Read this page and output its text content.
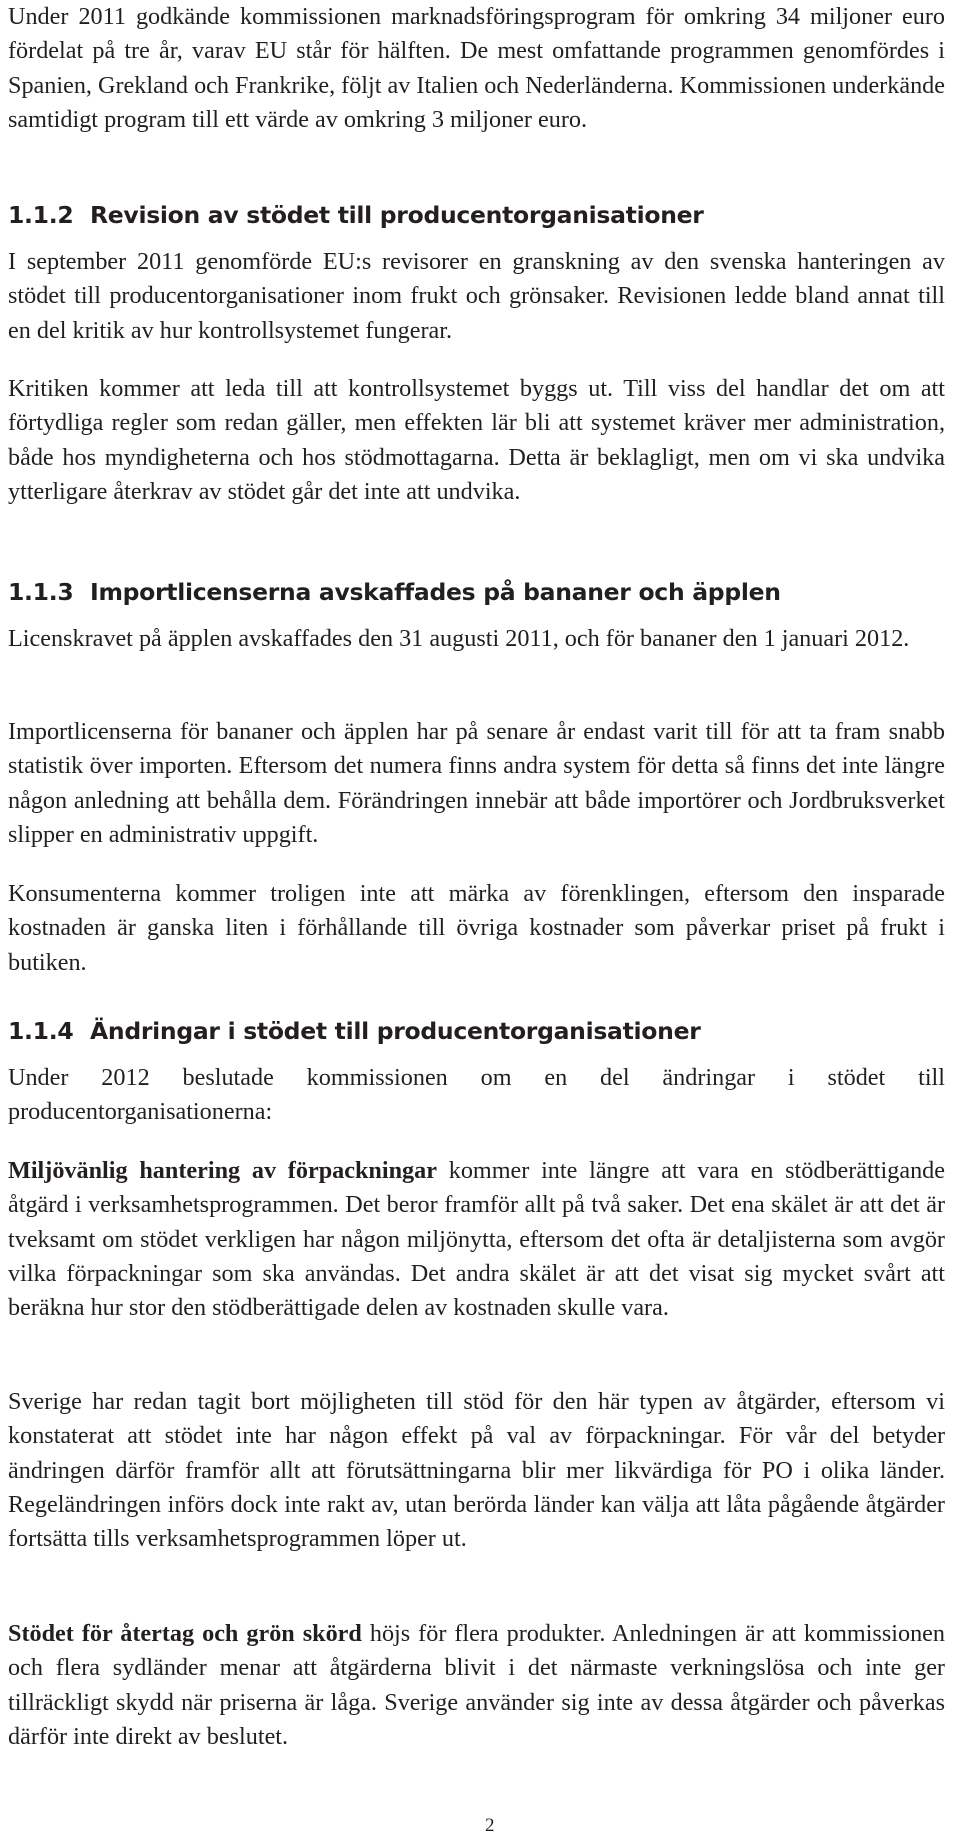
Under 2011 godkände kommissionen marknadsföringsprogram för omkring 34 miljoner euro fördelat på tre år, varav EU står för hälften. De mest omfattande programmen genomfördes i Spanien, Grekland och Frankrike, följt av Italien och Nederländerna. Kommissionen underkände samtidigt program till ett värde av omkring 3 miljoner euro.

1.1.2 Revision av stödet till producentorganisationer

I september 2011 genomförde EU:s revisorer en granskning av den svenska hanteringen av stödet till producentorganisationer inom frukt och grönsaker. Revisionen ledde bland annat till en del kritik av hur kontrollsystemet fungerar.

Kritiken kommer att leda till att kontrollsystemet byggs ut. Till viss del handlar det om att förtydliga regler som redan gäller, men effekten lär bli att systemet kräver mer administration, både hos myndigheterna och hos stödmottagarna. Detta är beklagligt, men om vi ska undvika ytterligare återkrav av stödet går det inte att undvika.

1.1.3 Importlicenserna avskaffades på bananer och äpplen

Licenskravet på äpplen avskaffades den 31 augusti 2011, och för bananer den 1 januari 2012.

Importlicenserna för bananer och äpplen har på senare år endast varit till för att ta fram snabb statistik över importen. Eftersom det numera finns andra system för detta så finns det inte längre någon anledning att behålla dem. Förändringen innebär att både importörer och Jordbruksverket slipper en administrativ uppgift.

Konsumenterna kommer troligen inte att märka av förenklingen, eftersom den insparade kostnaden är ganska liten i förhållande till övriga kostnader som påverkar priset på frukt i butiken.

1.1.4 Ändringar i stödet till producentorganisationer

Under 2012 beslutade kommissionen om en del ändringar i stödet till producentorganisationerna:

Miljövänlig hantering av förpackningar kommer inte längre att vara en stödberättigande åtgärd i verksamhetsprogrammen. Det beror framför allt på två saker. Det ena skälet är att det är tveksamt om stödet verkligen har någon miljönytta, eftersom det ofta är detaljisterna som avgör vilka förpackningar som ska användas. Det andra skälet är att det visat sig mycket svårt att beräkna hur stor den stödberättigade delen av kostnaden skulle vara.

Sverige har redan tagit bort möjligheten till stöd för den här typen av åtgärder, eftersom vi konstaterat att stödet inte har någon effekt på val av förpackningar. För vår del betyder ändringen därför framför allt att förutsättningarna blir mer likvärdiga för PO i olika länder. Regeländringen införs dock inte rakt av, utan berörda länder kan välja att låta pågående åtgärder fortsätta tills verksamhetsprogrammen löper ut.

Stödet för återtag och grön skörd höjs för flera produkter. Anledningen är att kommissionen och flera sydländer menar att åtgärderna blivit i det närmaste verkningslösa och inte ger tillräckligt skydd när priserna är låga. Sverige använder sig inte av dessa åtgärder och påverkas därför inte direkt av beslutet.

2
